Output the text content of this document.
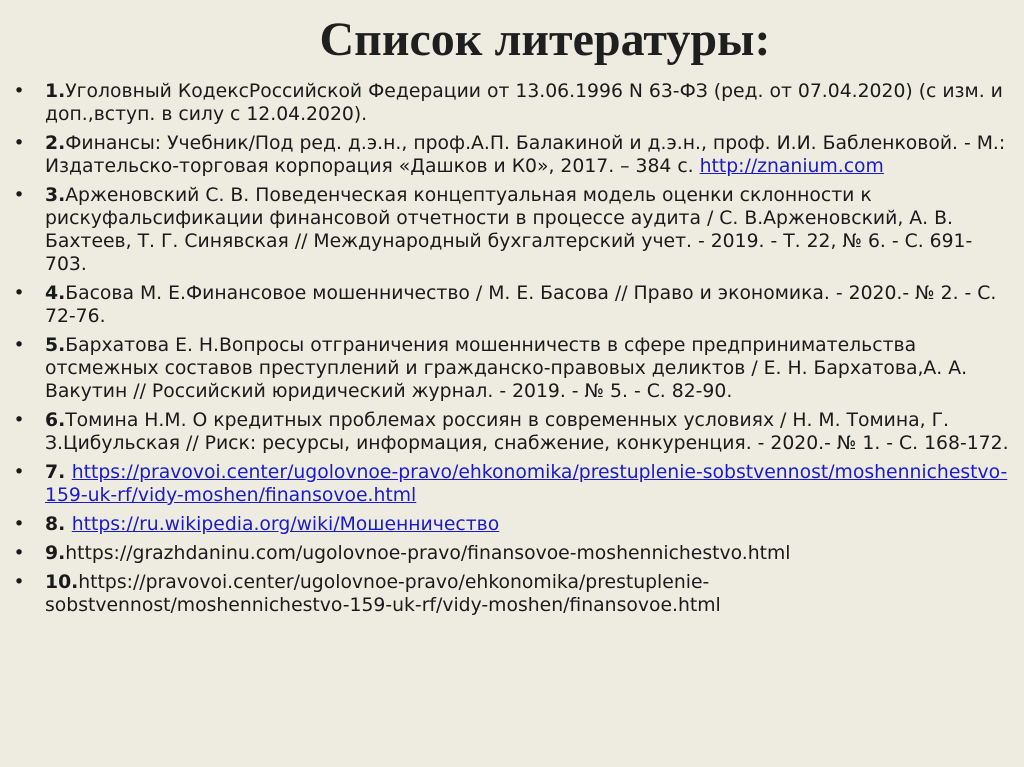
Список литературы:
• 1.Уголовный КодексРоссийской Федерации от 13.06.1996 N 63-ФЗ (ред. от 07.04.2020) (с изм. и доп.,вступ. в силу с 12.04.2020).
• 2.Финансы: Учебник/Под ред. д.э.н., проф.А.П. Балакиной и д.э.н., проф. И.И. Бабленковой. - М.: Издательско-торговая корпорация «Дашков и К0», 2017. – 384 с. http://znanium.com
• 3.Арженовский С. В. Поведенческая концептуальная модель оценки склонности к рискуфальсификации финансовой отчетности в процессе аудита / С. В.Арженовский, А. В. Бахтеев, Т. Г. Синявская // Международный бухгалтерский учет. - 2019. - Т. 22, № 6. - С. 691-703.
• 4.Басова М. Е.Финансовое мошенничество / М. Е. Басова // Право и экономика. - 2020.- № 2. - С. 72-76.
• 5.Бархатова Е. Н.Вопросы отграничения мошенничеств в сфере предпринимательства отсмежных составов преступлений и гражданско-правовых деликтов / Е. Н. Бархатова,А. А. Вакутин // Российский юридический журнал. - 2019. - № 5. - С. 82-90.
• 6.Томина Н.М. О кредитных проблемах россиян в современных условиях / Н. М. Томина, Г. З.Цибульская // Риск: ресурсы, информация, снабжение, конкуренция. - 2020.- № 1. - С. 168-172.
• 7. https://pravovoi.center/ugolovnoe-pravo/ehkonomika/prestuplenie-sobstvennost/moshennichestvo-159-uk-rf/vidy-moshen/finansovoe.html
• 8. https://ru.wikipedia.org/wiki/Мошенничество
• 9.https://grazhdaninu.com/ugolovnoe-pravo/finansovoe-moshennichestvo.html
• 10.https://pravovoi.center/ugolovnoe-pravo/ehkonomika/prestuplenie-sobstvennost/moshennichestvo-159-uk-rf/vidy-moshen/finansovoe.html
